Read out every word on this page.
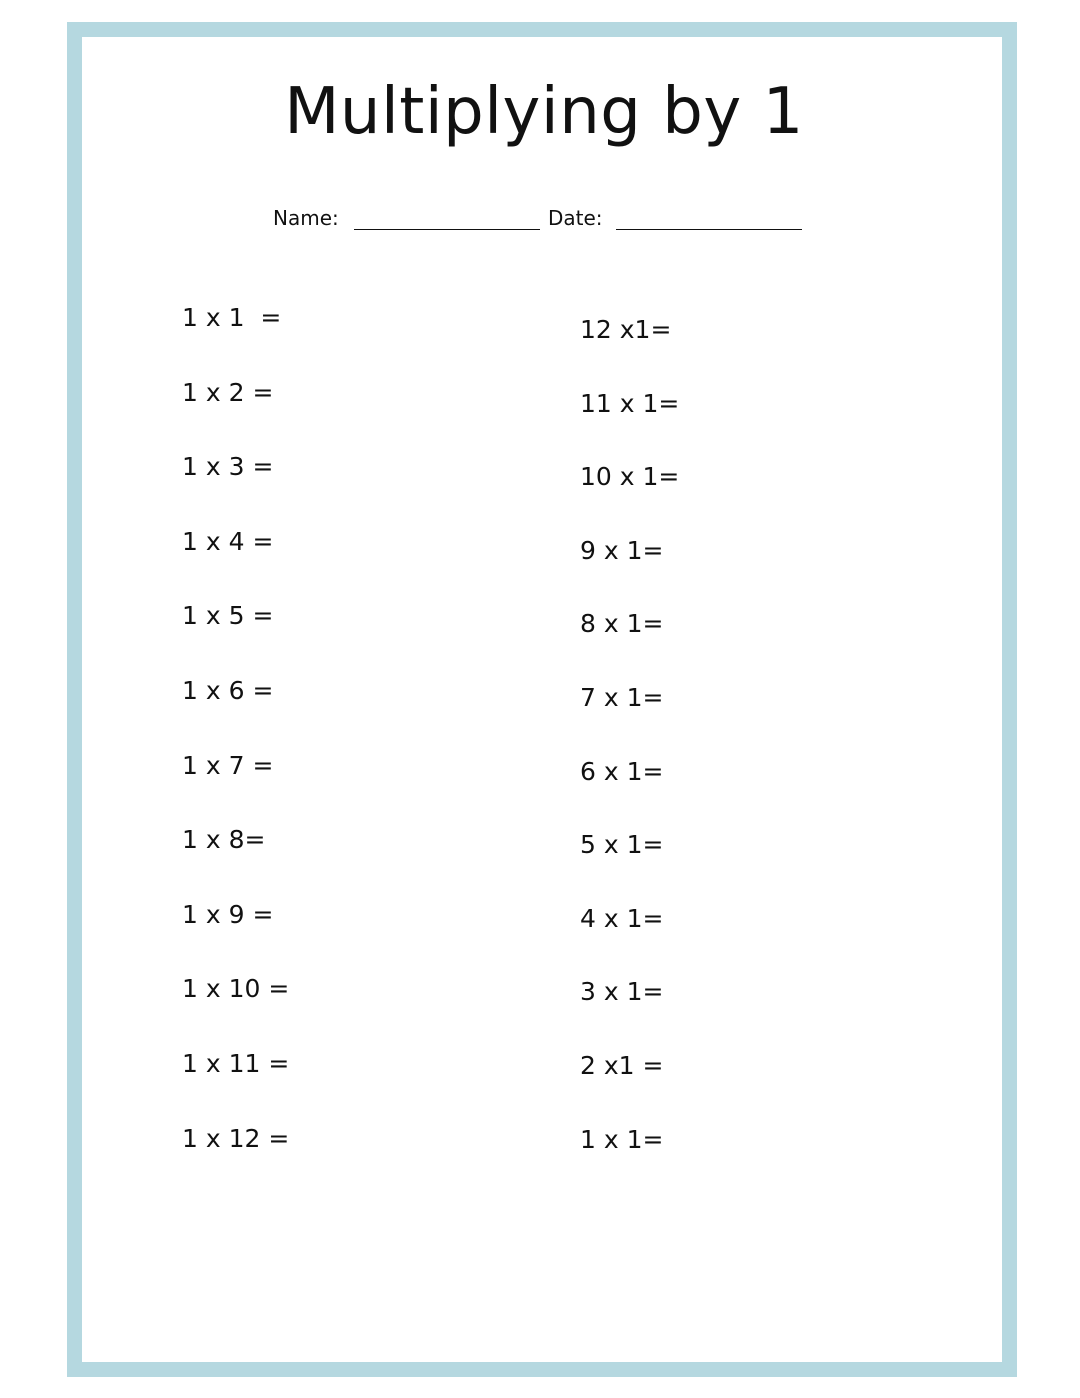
Multiplying by 1
Name:	Date:
1 x 1  =
1 x 2 =
1 x 3 =
1 x 4 =
1 x 5 =
1 x 6 =
1 x 7 =
1 x 8=
1 x 9 =
1 x 10 =
1 x 11 =
1 x 12 =
12 x1=
11 x 1=
10 x 1=
9 x 1=
8 x 1=
7 x 1=
6 x 1=
5 x 1=
4 x 1=
3 x 1=
2 x1 =
1 x 1=
